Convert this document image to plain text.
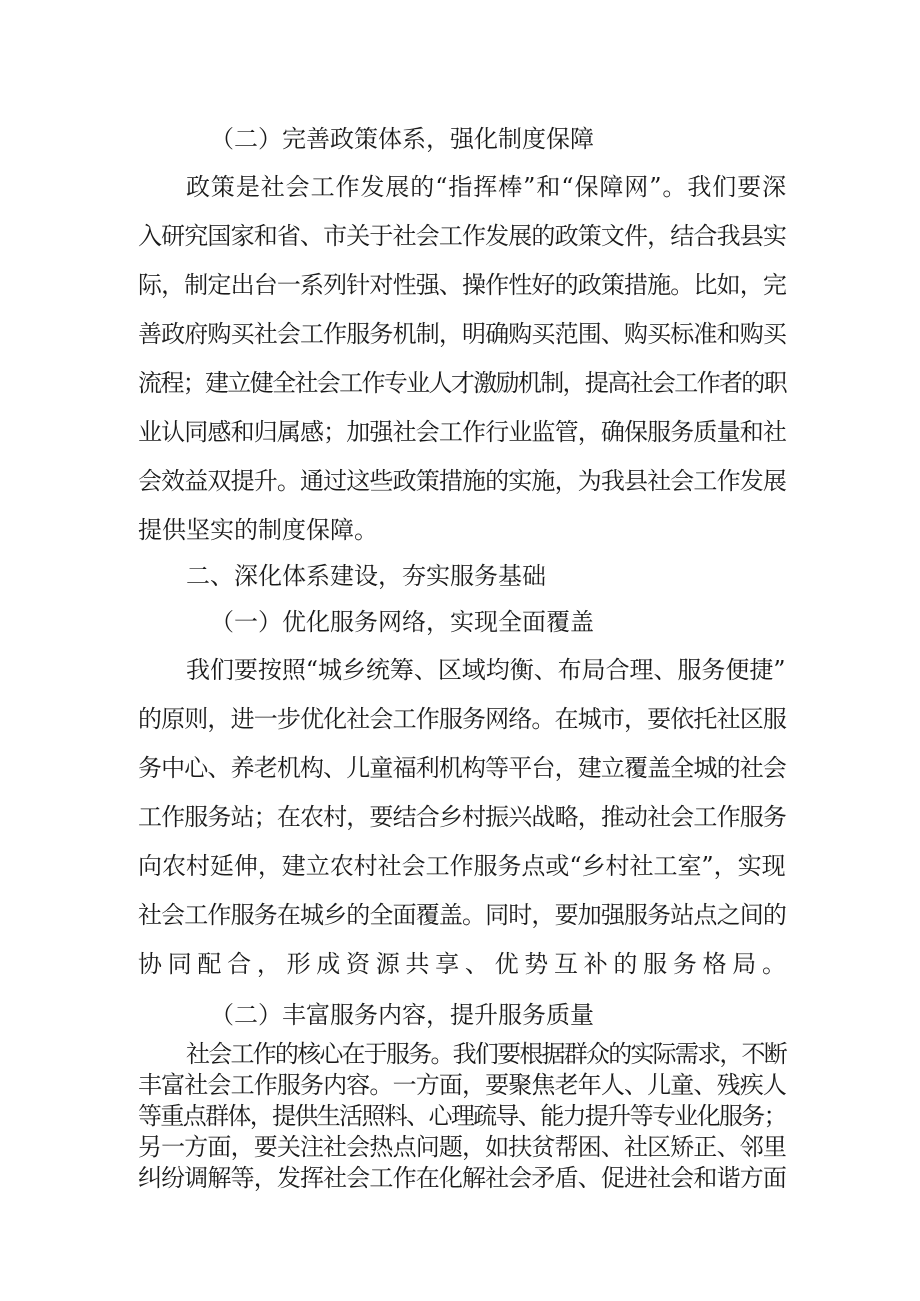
（二）完善政策体系，强化制度保障
政策是社会工作发展的“指挥棒”和“保障网”。我们要深
入研究国家和省、市关于社会工作发展的政策文件，结合我县实
际，制定出台一系列针对性强、操作性好的政策措施。比如，完
善政府购买社会工作服务机制，明确购买范围、购买标准和购买
流程；建立健全社会工作专业人才激励机制，提高社会工作者的职
业认同感和归属感；加强社会工作行业监管，确保服务质量和社
会效益双提升。通过这些政策措施的实施，为我县社会工作发展
提供坚实的制度保障。
二、深化体系建设，夯实服务基础
（一）优化服务网络，实现全面覆盖
我们要按照“城乡统筹、区域均衡、布局合理、服务便捷”
的原则，进一步优化社会工作服务网络。在城市，要依托社区服
务中心、养老机构、儿童福利机构等平台，建立覆盖全城的社会
工作服务站；在农村，要结合乡村振兴战略，推动社会工作服务
向农村延伸，建立农村社会工作服务点或“乡村社工室”，实现
社会工作服务在城乡的全面覆盖。同时，要加强服务站点之间的
协同配合，形成资源共享、优势互补的服务格局。
（二）丰富服务内容，提升服务质量
社会工作的核心在于服务。我们要根据群众的实际需求，不断
丰富社会工作服务内容。一方面，要聚焦老年人、儿童、残疾人
等重点群体，提供生活照料、心理疏导、能力提升等专业化服务；
另一方面，要关注社会热点问题，如扶贫帮困、社区矫正、邻里
纠纷调解等，发挥社会工作在化解社会矛盾、促进社会和谐方面
